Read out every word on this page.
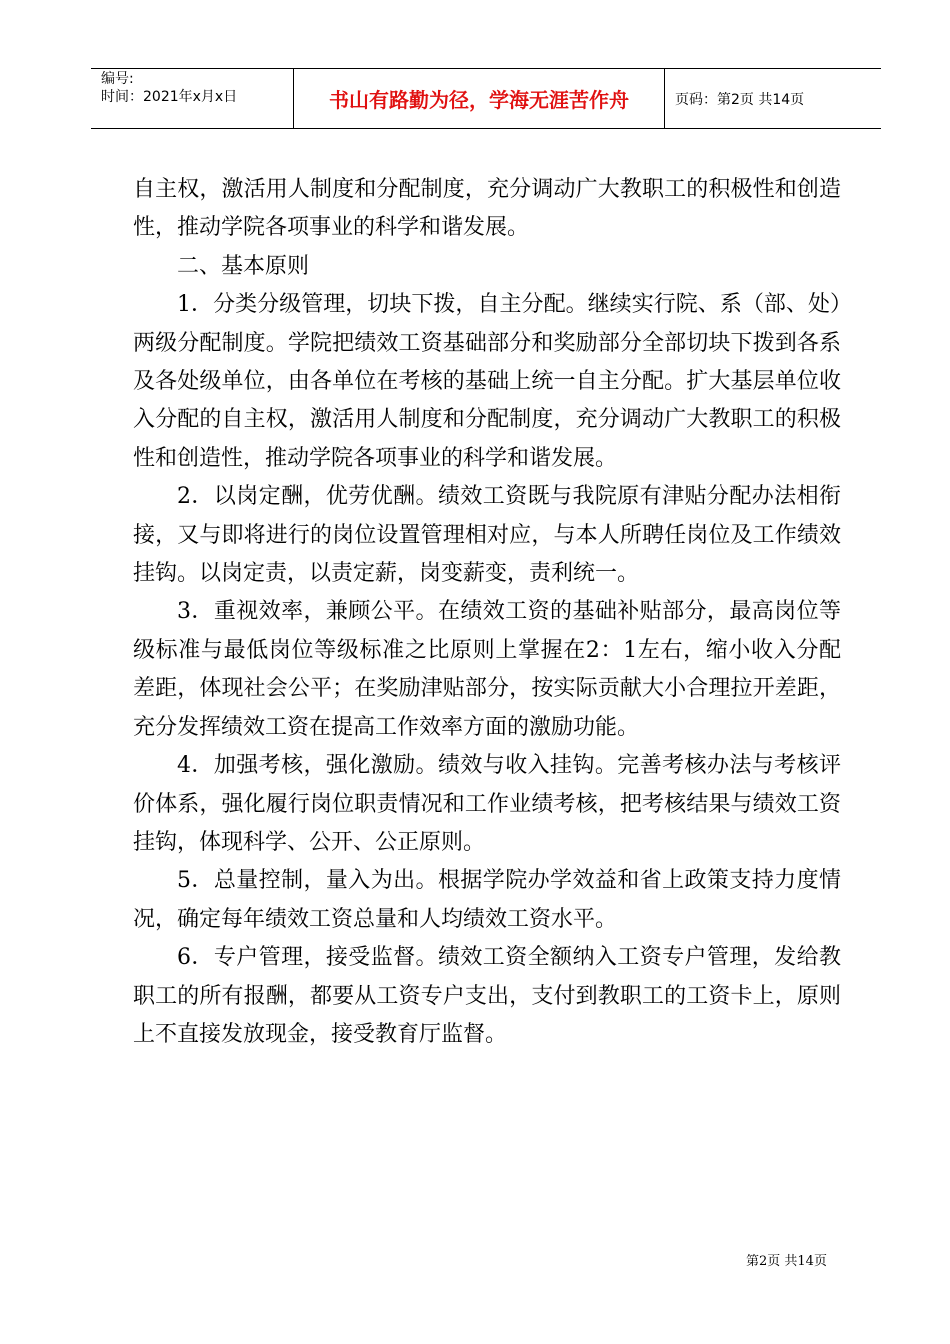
编号:
时间：2021年x月x日	书山有路勤为径，学海无涯苦作舟	页码：第2页 共14页

自主权，激活用人制度和分配制度，充分调动广大教职工的积极性和创造性，推动学院各项事业的科学和谐发展。

二、基本原则

1．分类分级管理，切块下拨，自主分配。继续实行院、系（部、处）两级分配制度。学院把绩效工资基础部分和奖励部分全部切块下拨到各系及各处级单位，由各单位在考核的基础上统一自主分配。扩大基层单位收入分配的自主权，激活用人制度和分配制度，充分调动广大教职工的积极性和创造性，推动学院各项事业的科学和谐发展。

2．以岗定酬，优劳优酬。绩效工资既与我院原有津贴分配办法相衔接，又与即将进行的岗位设置管理相对应，与本人所聘任岗位及工作绩效挂钩。以岗定责，以责定薪，岗变薪变，责利统一。

3．重视效率，兼顾公平。在绩效工资的基础补贴部分，最高岗位等级标准与最低岗位等级标准之比原则上掌握在2：1左右，缩小收入分配差距，体现社会公平；在奖励津贴部分，按实际贡献大小合理拉开差距，充分发挥绩效工资在提高工作效率方面的激励功能。

4．加强考核，强化激励。绩效与收入挂钩。完善考核办法与考核评价体系，强化履行岗位职责情况和工作业绩考核，把考核结果与绩效工资挂钩，体现科学、公开、公正原则。

5．总量控制，量入为出。根据学院办学效益和省上政策支持力度情况，确定每年绩效工资总量和人均绩效工资水平。

6．专户管理，接受监督。绩效工资全额纳入工资专户管理，发给教职工的所有报酬，都要从工资专户支出，支付到教职工的工资卡上，原则上不直接发放现金，接受教育厅监督。

第2页 共14页
